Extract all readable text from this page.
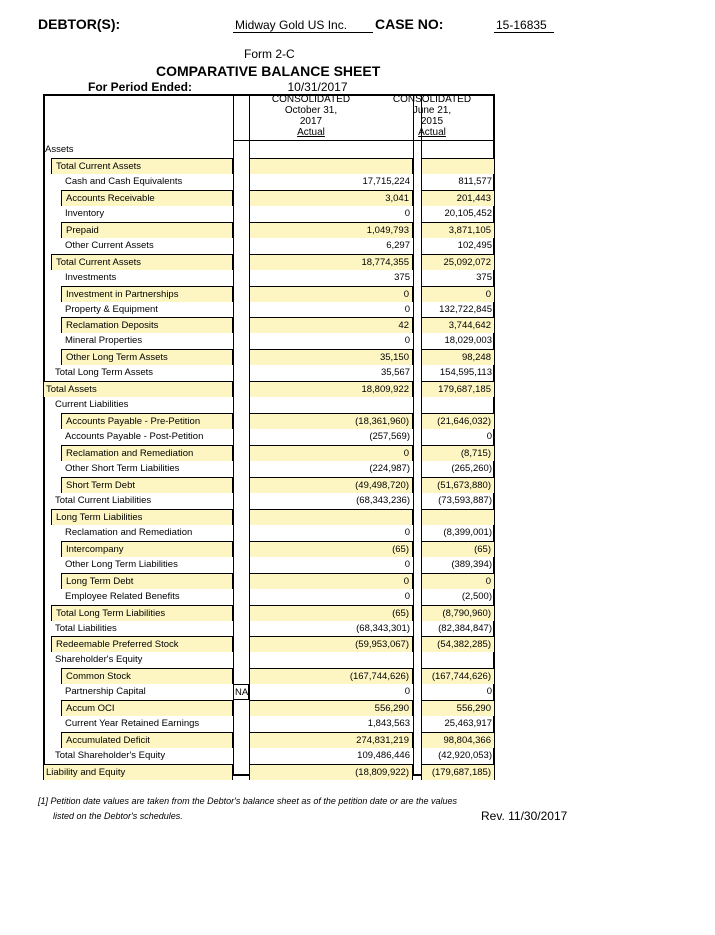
DEBTOR(S):	Midway Gold US Inc.	CASE NO:	15-16835
Form 2-C
COMPARATIVE BALANCE SHEET
For Period Ended:	10/31/2017
CONSOLIDATED
October 31,
2017
Actual
CONSOLIDATED
June 21,
2015
Actual
Assets
Total Current Assets
Cash and Cash Equivalents	17,715,224	811,577
Accounts Receivable	3,041	201,443
Inventory	0	20,105,452
Prepaid	1,049,793	3,871,105
Other Current Assets	6,297	102,495
Total Current Assets	18,774,355	25,092,072
Investments	375	375
Investment in Partnerships	0	0
Property & Equipment	0	132,722,845
Reclamation Deposits	42	3,744,642
Mineral Properties	0	18,029,003
Other Long Term Assets	35,150	98,248
Total Long Term Assets	35,567	154,595,113
Total Assets	18,809,922	179,687,185
Current Liabilities
Accounts Payable - Pre-Petition	(18,361,960)	(21,646,032)
Accounts Payable - Post-Petition	(257,569)	0
Reclamation and Remediation	0	(8,715)
Other Short Term Liabilities	(224,987)	(265,260)
Short Term Debt	(49,498,720)	(51,673,880)
Total Current Liabilities	(68,343,236)	(73,593,887)
Long Term Liabilities
Reclamation and Remediation	0	(8,399,001)
Intercompany	(65)	(65)
Other Long Term Liabilities	0	(389,394)
Long Term Debt	0	0
Employee Related Benefits	0	(2,500)
Total Long Term Liabilities	(65)	(8,790,960)
Total Liabilities	(68,343,301)	(82,384,847)
Redeemable Preferred Stock	(59,953,067)	(54,382,285)
Shareholder's Equity
Common Stock	(167,744,626)	(167,744,626)
Partnership Capital	NA	0	0
Accum OCI	556,290	556,290
Current Year Retained Earnings	1,843,563	25,463,917
Accumulated Deficit	274,831,219	98,804,366
Total Shareholder's Equity	109,486,446	(42,920,053)
Liability and Equity	(18,809,922)	(179,687,185)
[1] Petition date values are taken from the Debtor's balance sheet as of the petition date or are the values
listed on the Debtor's schedules.	Rev. 11/30/2017
